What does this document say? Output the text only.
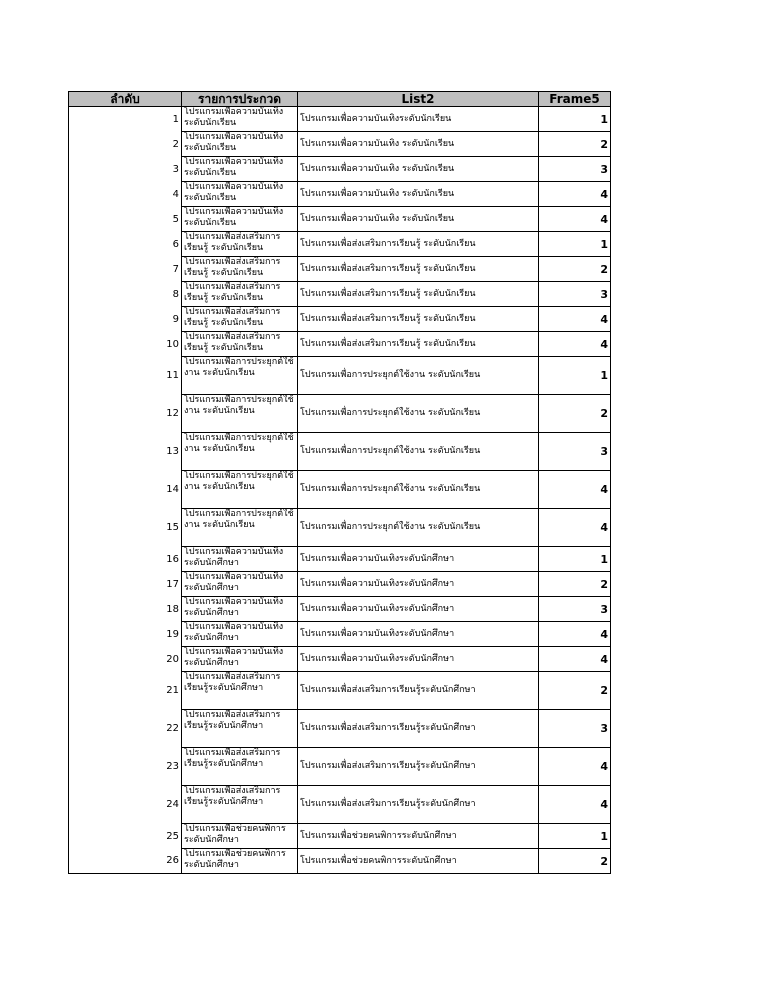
ลำดับ	รายการประกวด	List2	Frame5
1	โปรแกรมเพื่อความบันเทิง ระดับนักเรียน	โปรแกรมเพื่อความบันเทิงระดับนักเรียน	1
2	โปรแกรมเพื่อความบันเทิง ระดับนักเรียน	โปรแกรมเพื่อความบันเทิง ระดับนักเรียน	2
3	โปรแกรมเพื่อความบันเทิง ระดับนักเรียน	โปรแกรมเพื่อความบันเทิง ระดับนักเรียน	3
4	โปรแกรมเพื่อความบันเทิง ระดับนักเรียน	โปรแกรมเพื่อความบันเทิง ระดับนักเรียน	4
5	โปรแกรมเพื่อความบันเทิง ระดับนักเรียน	โปรแกรมเพื่อความบันเทิง ระดับนักเรียน	4
6	โปรแกรมเพื่อส่งเสริมการเรียนรู้ ระดับนักเรียน	โปรแกรมเพื่อส่งเสริมการเรียนรู้ ระดับนักเรียน	1
7	โปรแกรมเพื่อส่งเสริมการเรียนรู้ ระดับนักเรียน	โปรแกรมเพื่อส่งเสริมการเรียนรู้ ระดับนักเรียน	2
8	โปรแกรมเพื่อส่งเสริมการเรียนรู้ ระดับนักเรียน	โปรแกรมเพื่อส่งเสริมการเรียนรู้ ระดับนักเรียน	3
9	โปรแกรมเพื่อส่งเสริมการเรียนรู้ ระดับนักเรียน	โปรแกรมเพื่อส่งเสริมการเรียนรู้ ระดับนักเรียน	4
10	โปรแกรมเพื่อส่งเสริมการเรียนรู้ ระดับนักเรียน	โปรแกรมเพื่อส่งเสริมการเรียนรู้ ระดับนักเรียน	4
11	โปรแกรมเพื่อการประยุกต์ใช้งาน ระดับนักเรียน	โปรแกรมเพื่อการประยุกต์ใช้งาน ระดับนักเรียน	1
12	โปรแกรมเพื่อการประยุกต์ใช้งาน ระดับนักเรียน	โปรแกรมเพื่อการประยุกต์ใช้งาน ระดับนักเรียน	2
13	โปรแกรมเพื่อการประยุกต์ใช้งาน ระดับนักเรียน	โปรแกรมเพื่อการประยุกต์ใช้งาน ระดับนักเรียน	3
14	โปรแกรมเพื่อการประยุกต์ใช้งาน ระดับนักเรียน	โปรแกรมเพื่อการประยุกต์ใช้งาน ระดับนักเรียน	4
15	โปรแกรมเพื่อการประยุกต์ใช้งาน ระดับนักเรียน	โปรแกรมเพื่อการประยุกต์ใช้งาน ระดับนักเรียน	4
16	โปรแกรมเพื่อความบันเทิง ระดับนักศึกษา	โปรแกรมเพื่อความบันเทิงระดับนักศึกษา	1
17	โปรแกรมเพื่อความบันเทิง ระดับนักศึกษา	โปรแกรมเพื่อความบันเทิงระดับนักศึกษา	2
18	โปรแกรมเพื่อความบันเทิง ระดับนักศึกษา	โปรแกรมเพื่อความบันเทิงระดับนักศึกษา	3
19	โปรแกรมเพื่อความบันเทิง ระดับนักศึกษา	โปรแกรมเพื่อความบันเทิงระดับนักศึกษา	4
20	โปรแกรมเพื่อความบันเทิง ระดับนักศึกษา	โปรแกรมเพื่อความบันเทิงระดับนักศึกษา	4
21	โปรแกรมเพื่อส่งเสริมการเรียนรู้ระดับนักศึกษา	โปรแกรมเพื่อส่งเสริมการเรียนรู้ระดับนักศึกษา	2
22	โปรแกรมเพื่อส่งเสริมการเรียนรู้ระดับนักศึกษา	โปรแกรมเพื่อส่งเสริมการเรียนรู้ระดับนักศึกษา	3
23	โปรแกรมเพื่อส่งเสริมการเรียนรู้ระดับนักศึกษา	โปรแกรมเพื่อส่งเสริมการเรียนรู้ระดับนักศึกษา	4
24	โปรแกรมเพื่อส่งเสริมการเรียนรู้ระดับนักศึกษา	โปรแกรมเพื่อส่งเสริมการเรียนรู้ระดับนักศึกษา	4
25	โปรแกรมเพื่อช่วยคนพิการ ระดับนักศึกษา	โปรแกรมเพื่อช่วยคนพิการระดับนักศึกษา	1
26	โปรแกรมเพื่อช่วยคนพิการ ระดับนักศึกษา	โปรแกรมเพื่อช่วยคนพิการระดับนักศึกษา	2
